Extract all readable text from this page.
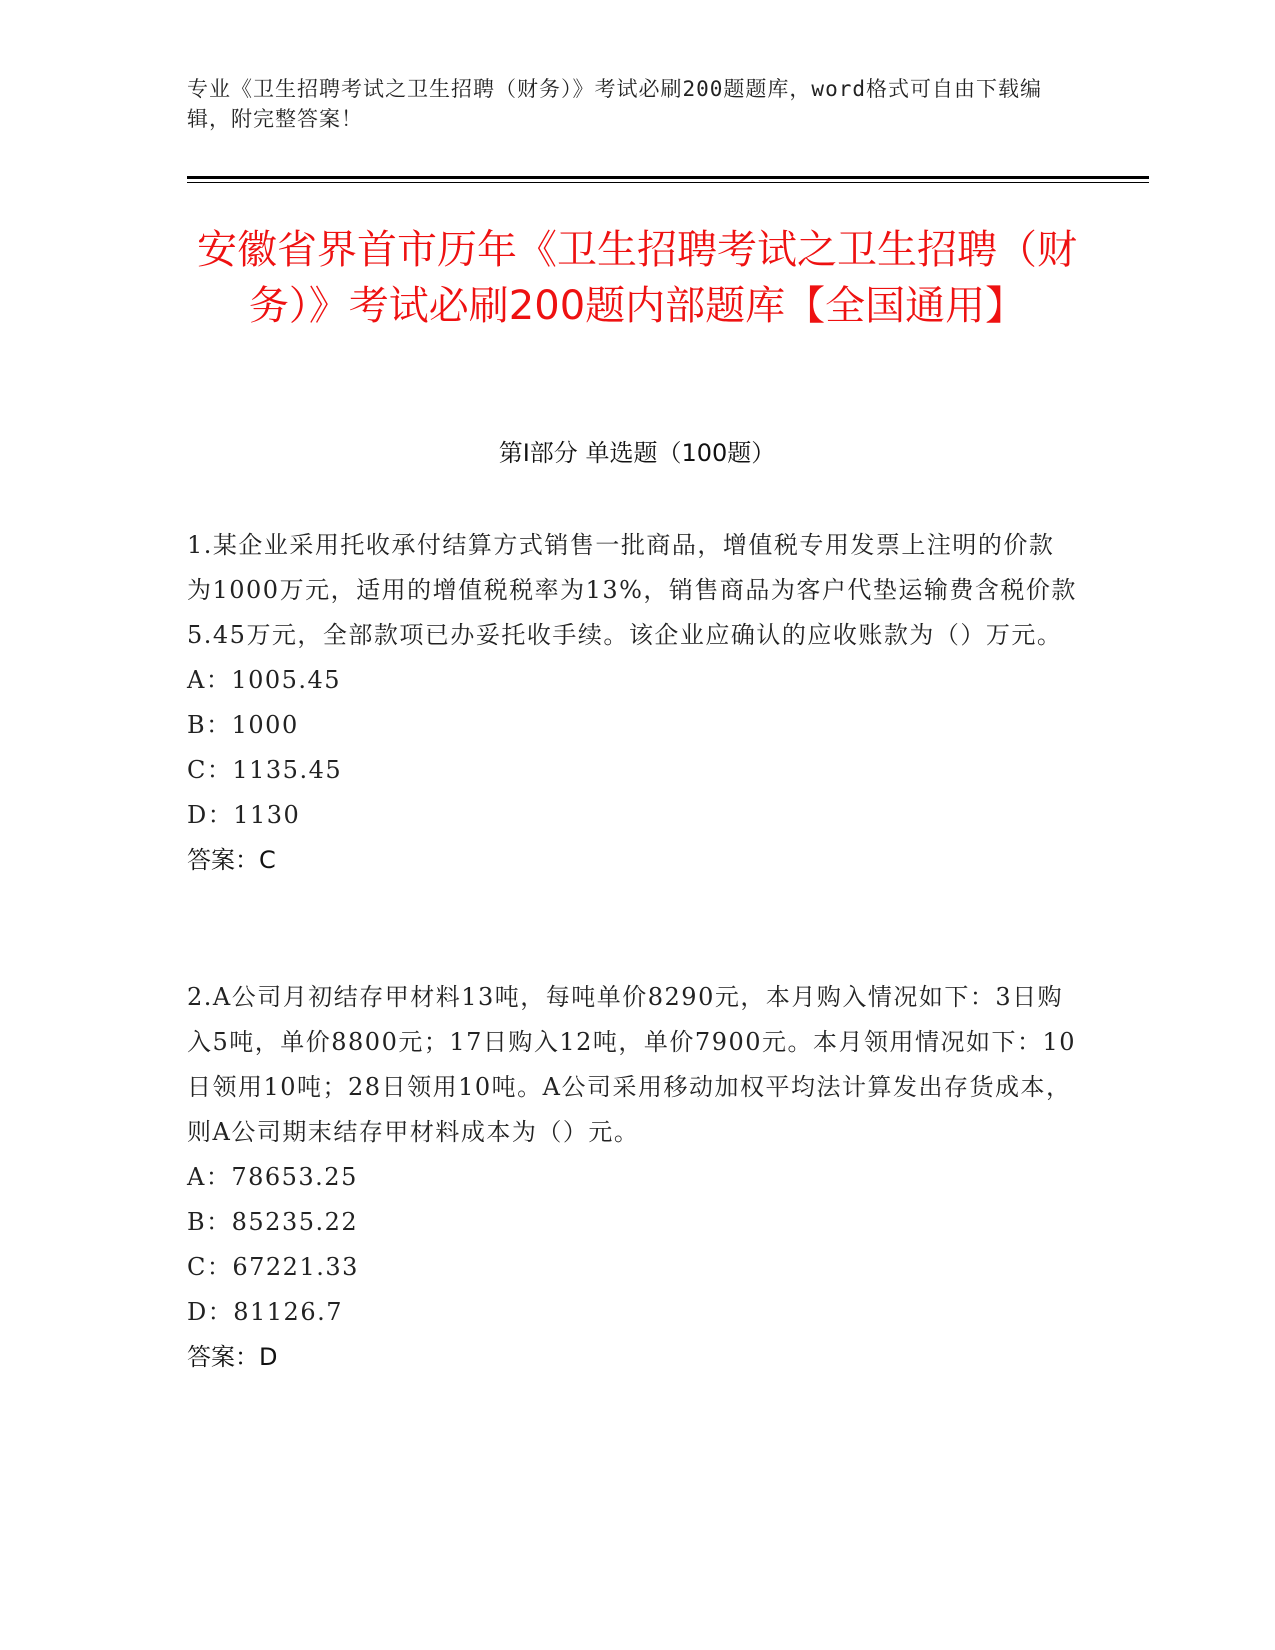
专业《卫生招聘考试之卫生招聘（财务）》考试必刷200题题库，word格式可自由下载编辑，附完整答案！
安徽省界首市历年《卫生招聘考试之卫生招聘（财务）》考试必刷200题内部题库【全国通用】
第I部分 单选题（100题）

1.某企业采用托收承付结算方式销售一批商品，增值税专用发票上注明的价款为1000万元，适用的增值税税率为13%，销售商品为客户代垫运输费含税价款5.45万元，全部款项已办妥托收手续。该企业应确认的应收账款为（）万元。

A：1005.45

B：1000

C：1135.45

D：1130

答案：C

2.A公司月初结存甲材料13吨，每吨单价8290元，本月购入情况如下：3日购入5吨，单价8800元；17日购入12吨，单价7900元。本月领用情况如下：10日领用10吨；28日领用10吨。A公司采用移动加权平均法计算发出存货成本，则A公司期末结存甲材料成本为（）元。

A：78653.25

B：85235.22

C：67221.33

D：81126.7

答案：D
